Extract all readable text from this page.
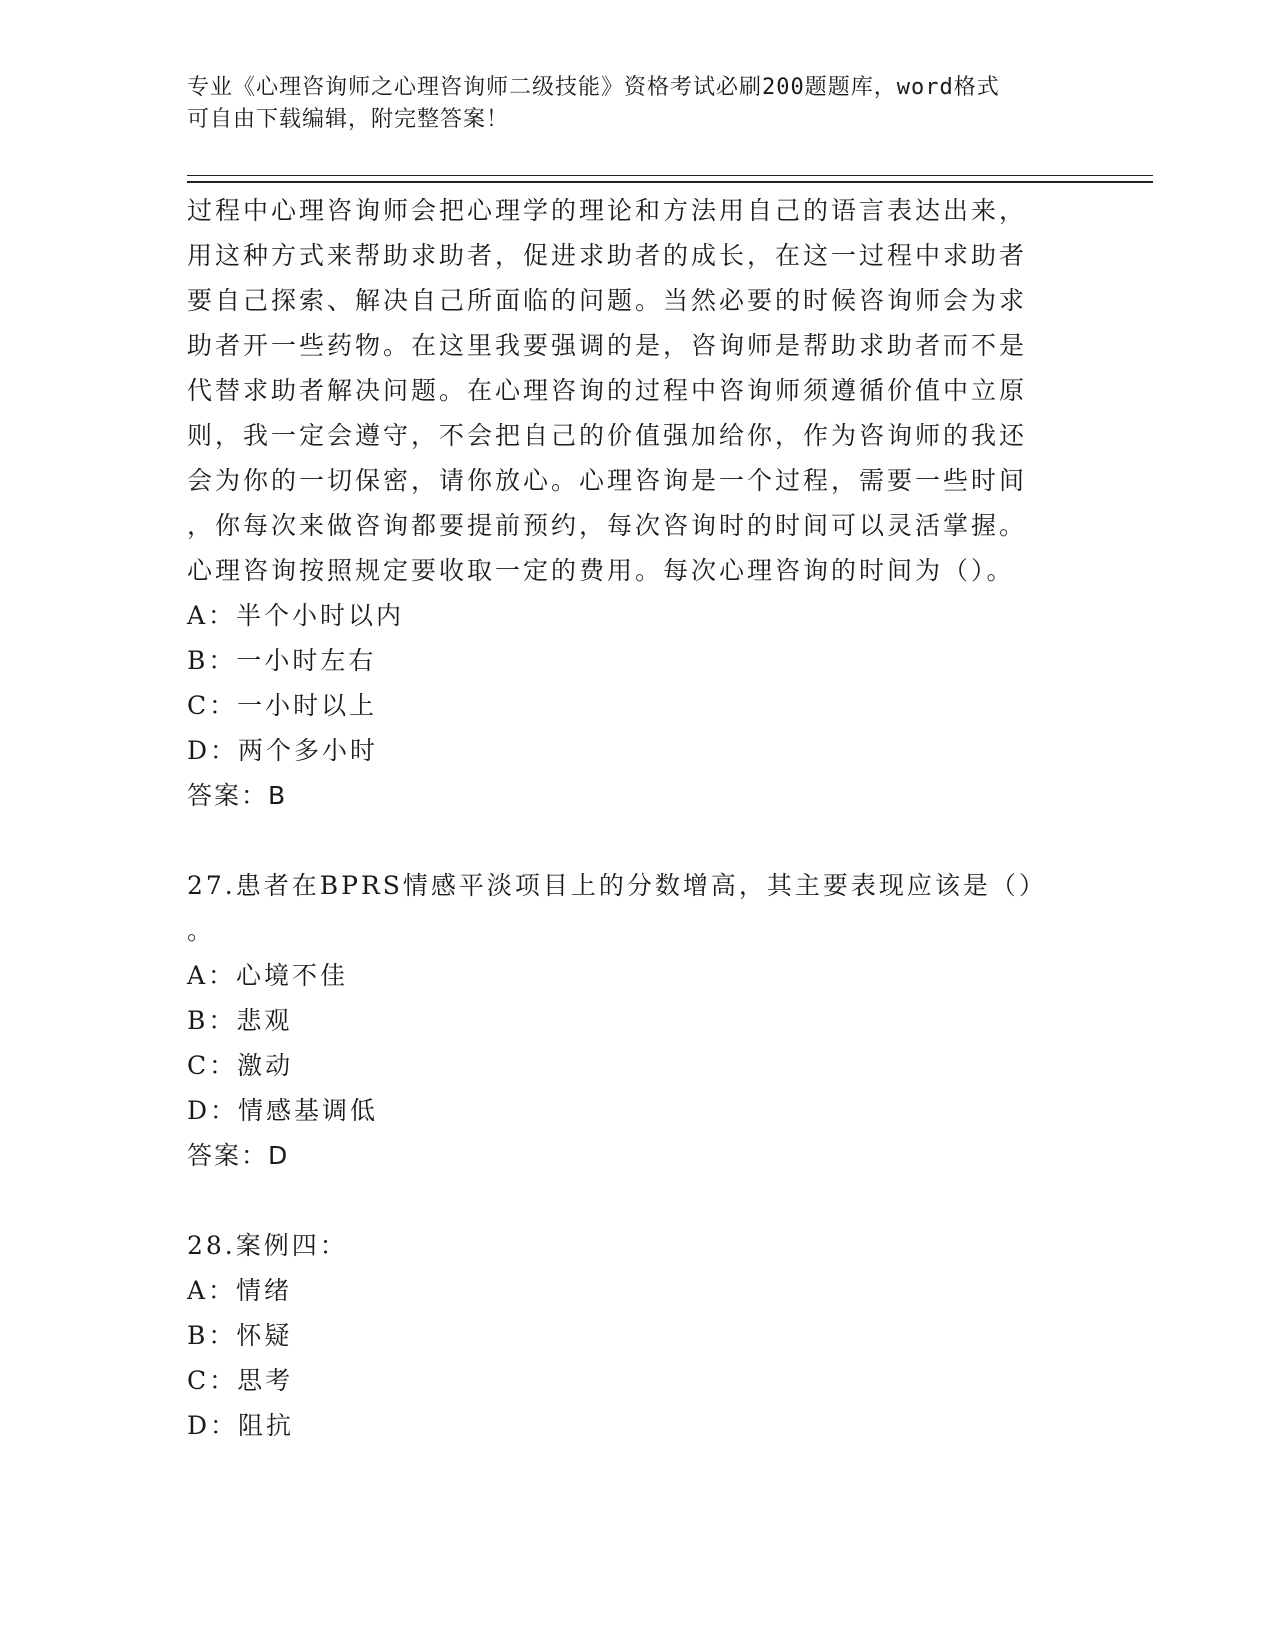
专业《心理咨询师之心理咨询师二级技能》资格考试必刷200题题库，word格式
可自由下载编辑，附完整答案！
过程中心理咨询师会把心理学的理论和方法用自己的语言表达出来，
用这种方式来帮助求助者，促进求助者的成长，在这一过程中求助者
要自己探索、解决自己所面临的问题。当然必要的时候咨询师会为求
助者开一些药物。在这里我要强调的是，咨询师是帮助求助者而不是
代替求助者解决问题。在心理咨询的过程中咨询师须遵循价值中立原
则，我一定会遵守，不会把自己的价值强加给你，作为咨询师的我还
会为你的一切保密，请你放心。心理咨询是一个过程，需要一些时间
，你每次来做咨询都要提前预约，每次咨询时的时间可以灵活掌握。
心理咨询按照规定要收取一定的费用。每次心理咨询的时间为（）。
A：半个小时以内
B：一小时左右
C：一小时以上
D：两个多小时
答案：B
27.患者在BPRS情感平淡项目上的分数增高，其主要表现应该是（）
。
A：心境不佳
B：悲观
C：激动
D：情感基调低
答案：D
28.案例四：
A：情绪
B：怀疑
C：思考
D：阻抗
